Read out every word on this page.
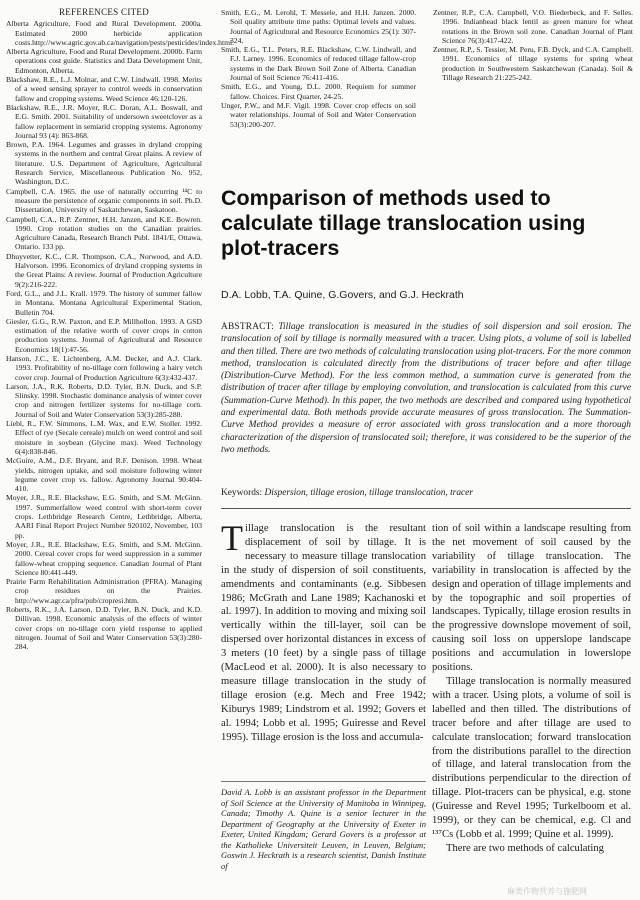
REFERENCES CITED

Alberta Agriculture, Food and Rural Development. 2000a. Estimated 2000 herbicide application costs.http://www.agric.gov.ab.ca/navigation/pests/pesticides/index.html.

Alberta Agriculture, Food and Rural Development. 2000b. Farm operations cost guide. Statistics and Data Development Unit, Edmonton, Alberta.

Blackshaw, R.E., L.J. Molnar, and C.W. Lindwall. 1998. Merits of a weed sensing sprayer to control weeds in conservation fallow and cropping systems. Weed Science 46:120-126.

Blackshaw, R.E., J.R. Moyer, R.C. Doran, A.L. Boswall, and E.G. Smith. 2001. Suitability of undersown sweetclover as a fallow replacement in semiarid cropping systems. Agronomy Journal 93 (4): 863-868.

Brown, P.A. 1964. Legumes and grasses in dryland cropping systems in the northern and central Great plains. A review of literature. U.S. Department of Agriculture, Agricultural Research Service, Miscellaneous Publication No. 952, Washington, D.C.

Campbell, C.A. 1965. the use of naturally occurring ¹⁴C to measure the persistence of organic components in soil. Ph.D. Dissertation, University of Saskatchewan, Saskatoon.

Campbell, C.A., R.P. Zentner, H.H. Janzen, and K.E. Bowren. 1990. Crop rotation studies on the Canadian prairies. Agriculture Canada, Research Branch Publ. 1841/E, Ottawa, Ontario. 133 pp.

Dhuyvetter, K.C., C.R. Thompson, C.A., Norwood, and A.D. Halvorson. 1996. Economics of dryland cropping systems in the Great Plains: A review. Journal of Production Agriculture 9(2):216-222.

Ford, G.L., and J.L. Krall. 1979. The history of summer fallow in Montana. Montana Agricultural Experimental Station, Bulletin 704.

Giesler, G.G., R.W. Paxton, and E.P. Millhollon. 1993. A GSD estimation of the relative worth of cover crops in cotton production systems. Journal of Agricultural and Resource Economics 18(1):47-56.

Hanson, J.C., E. Lichtenberg, A.M. Decker, and A.J. Clark. 1993. Profitability of no-tillage corn following a hairy vetch cover crop. Journal of Production Agriculture 6(3):432-437.

Larson, J.A., R.K. Roberts, D.D. Tyler, B.N. Duck, and S.P. Slinsky. 1998. Stochastic dominance analysis of winter cover crop and nitrogen fertilizer systems for no-tillage corn. Journal of Soil and Water Conservation 53(3):285-288.

Liebl, R., F.W. Simmons, L.M. Wax, and E.W. Stoller. 1992. Effect of rye (Secale cereale) mulch on weed control and soil moisture in soybean (Glycine max). Weed Technology 6(4):838-846.

McGuire, A.M., D.F. Bryant, and R.F. Denison. 1998. Wheat yields, nitrogen uptake, and soil moisture following winter legume cover crop vs. fallow. Agronomy Journal 90:404-410.

Moyer, J.R., R.E. Blackshaw, E.G. Smith, and S.M. McGinn. 1997. Summerfallow weed control with short-term cover crops. Lethbridge Research Centre, Lethbridge, Alberta, AARI Final Report Project Number 920102, November, 103 pp.

Moyer, J.R., R.E. Blackshaw, E.G. Smith, and S.M. McGinn. 2000. Cereal cover crops for weed suppression in a summer fallow-wheat cropping sequence. Canadian Journal of Plant Science 80:441-449.

Prairie Farm Rehabilitation Administration (PFRA). Managing crop residues on the Prairies. http://www.agr.ca/pfra/pub/cropresi.htm.

Roberts, R.K., J.A. Larson, D.D. Tyler, B.N. Duck, and K.D. Dillivan. 1998. Economic analysis of the effects of winter cover crops on no-tillage corn yield response to applied nitrogen. Journal of Soil and Water Conservation 53(3):280-284.

Smith, E.G., M. Lerohl, T. Messele, and H.H. Janzen. 2000. Soil quality attribute time paths: Optimal levels and values. Journal of Agricultural and Resource Economics 25(1): 307-324.

Smith, E.G., T.L. Peters, R.E. Blackshaw, C.W. Lindwall, and F.J. Larney. 1996. Economics of reduced tillage fallow-crop systems in the Dark Brown Soil Zone of Alberta. Canadian Journal of Soil Science 76:411-416.

Smith, E.G., and Young, D.L. 2000. Requiem for summer fallow. Choices. First Quarter, 24-25.

Unger, P.W., and M.F. Vigil. 1998. Cover crop effects on soil water relationships. Journal of Soil and Water Conservation 53(3):200-207.

Zentner, R.P., C.A. Campbell, V.O. Biederbeck, and F. Selles. 1996. Indianhead black lentil as green manure for wheat rotations in the Brown soil zone. Canadian Journal of Plant Science 76(3):417-422.

Zentner, R.P., S. Tessier, M. Peru, F.B. Dyck, and C.A. Campbell. 1991. Economics of tillage systems for spring wheat production in Southwestern Saskatchewan (Canada). Soil & Tillage Research 21:225-242.

Comparison of methods used to calculate tillage translocation using plot-tracers
D.A. Lobb, T.A. Quine, G.Govers, and G.J. Heckrath

ABSTRACT: Tillage translocation is measured in the studies of soil dispersion and soil erosion. The translocation of soil by tillage is normally measured with a tracer. Using plots, a volume of soil is labelled and then tilled. There are two methods of calculating translocation using plot-tracers. For the more common method, translocation is calculated directly from the distributions of tracer before and after tillage (Distribution-Curve Method). For the less common method, a summation curve is generated from the distribution of tracer after tillage by employing convolution, and translocation is calculated from this curve (Summation-Curve Method). In this paper, the two methods are described and compared using hypothetical and experimental data. Both methods provide accurate measures of gross translocation. The Summation-Curve Method provides a measure of error associated with gross translocation and a more thorough characterization of the dispersion of translocated soil; therefore, it was considered to be the superior of the two methods.

Keywords: Dispersion, tillage erosion, tillage translocation, tracer

Tillage translocation is the resultant displacement of soil by tillage. It is necessary to measure tillage translocation in the study of dispersion of soil constituents, amendments and contaminants (e.g. Sibbesen 1986; McGrath and Lane 1989; Kachanoski et al. 1997). In addition to moving and mixing soil vertically within the till-layer, soil can be dispersed over horizontal distances in excess of 3 meters (10 feet) by a single pass of tillage (MacLeod et al. 2000). It is also necessary to measure tillage translocation in the study of tillage erosion (e.g. Mech and Free 1942; Kiburys 1989; Lindstrom et al. 1992; Govers et al. 1994; Lobb et al. 1995; Guiresse and Revel 1995). Tillage erosion is the loss and accumula-

David A. Lobb is an assistant professor in the Department of Soil Science at the University of Manitoba in Winnipeg, Canada; Timothy A. Quine is a senior lecturer in the Department of Geography at the University of Exeter in Exeter, United Kingdom; Gerard Govers is a professor at the Katholieke Universiteit Leuven, in Leuven, Belgium; Goswin J. Heckrath is a research scientist, Danish Institute of

tion of soil within a landscape resulting from the net movement of soil caused by the variability of tillage translocation. The variability in translocation is affected by the design and operation of tillage implements and by the topographic and soil properties of landscapes. Typically, tillage erosion results in the progressive downslope movement of soil, causing soil loss on upperslope landscape positions and accumulation in lowerslope positions.

Tillage translocation is normally measured with a tracer. Using plots, a volume of soil is labelled and then tilled. The distributions of tracer before and after tillage are used to calculate translocation; forward translocation from the distributions parallel to the direction of tillage, and lateral translocation from the distributions perpendicular to the direction of tillage. Plot-tracers can be physical, e.g. stone (Guiresse and Revel 1995; Turkelboom et al. 1999), or they can be chemical, e.g. Cl and ¹³⁷Cs (Lobb et al. 1999; Quine et al. 1999).

There are two methods of calculating

麻类作物营养与施肥网
